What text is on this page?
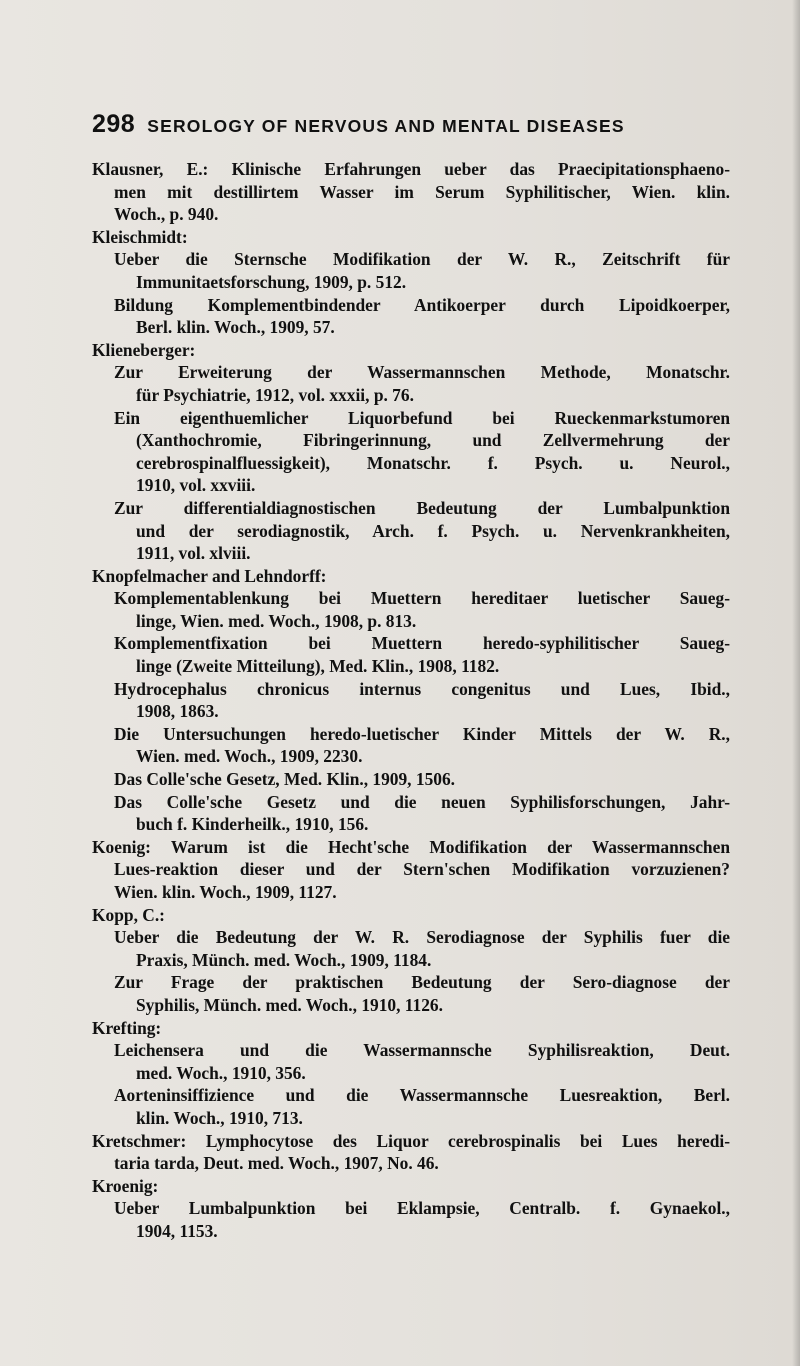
298 SEROLOGY OF NERVOUS AND MENTAL DISEASES
Klausner, E.: Klinische Erfahrungen ueber das Praecipitationsphaeno-
men mit destillirtem Wasser im Serum Syphilitischer, Wien. klin.
Woch., p. 940.
Kleischmidt:
Ueber die Sternsche Modifikation der W. R., Zeitschrift für
Immunitaetsforschung, 1909, p. 512.
Bildung Komplementbindender Antikoerper durch Lipoidkoerper,
Berl. klin. Woch., 1909, 57.
Klieneberger:
Zur Erweiterung der Wassermannschen Methode, Monatschr.
für Psychiatrie, 1912, vol. xxxii, p. 76.
Ein eigenthuemlicher Liquorbefund bei Rueckenmarkstumoren
(Xanthochromie, Fibringerinnung, und Zellvermehrung der
cerebrospinalfluessigkeit), Monatschr. f. Psych. u. Neurol.,
1910, vol. xxviii.
Zur differentialdiagnostischen Bedeutung der Lumbalpunktion
und der serodiagnostik, Arch. f. Psych. u. Nervenkrankheiten,
1911, vol. xlviii.
Knopfelmacher and Lehndorff:
Komplementablenkung bei Muettern hereditaer luetischer Saueg-
linge, Wien. med. Woch., 1908, p. 813.
Komplementfixation bei Muettern heredo-syphilitischer Saueg-
linge (Zweite Mitteilung), Med. Klin., 1908, 1182.
Hydrocephalus chronicus internus congenitus und Lues, Ibid.,
1908, 1863.
Die Untersuchungen heredo-luetischer Kinder Mittels der W. R.,
Wien. med. Woch., 1909, 2230.
Das Colle'sche Gesetz, Med. Klin., 1909, 1506.
Das Colle'sche Gesetz und die neuen Syphilisforschungen, Jahr-
buch f. Kinderheilk., 1910, 156.
Koenig: Warum ist die Hecht'sche Modifikation der Wassermannschen
Lues-reaktion dieser und der Stern'schen Modifikation vorzuzienen?
Wien. klin. Woch., 1909, 1127.
Kopp, C.:
Ueber die Bedeutung der W. R. Serodiagnose der Syphilis fuer die
Praxis, Münch. med. Woch., 1909, 1184.
Zur Frage der praktischen Bedeutung der Sero-diagnose der
Syphilis, Münch. med. Woch., 1910, 1126.
Krefting:
Leichensera und die Wassermannsche Syphilisreaktion, Deut.
med. Woch., 1910, 356.
Aorteninsiffizience und die Wassermannsche Luesreaktion, Berl.
klin. Woch., 1910, 713.
Kretschmer: Lymphocytose des Liquor cerebrospinalis bei Lues heredi-
taria tarda, Deut. med. Woch., 1907, No. 46.
Kroenig:
Ueber Lumbalpunktion bei Eklampsie, Centralb. f. Gynaekol.,
1904, 1153.
